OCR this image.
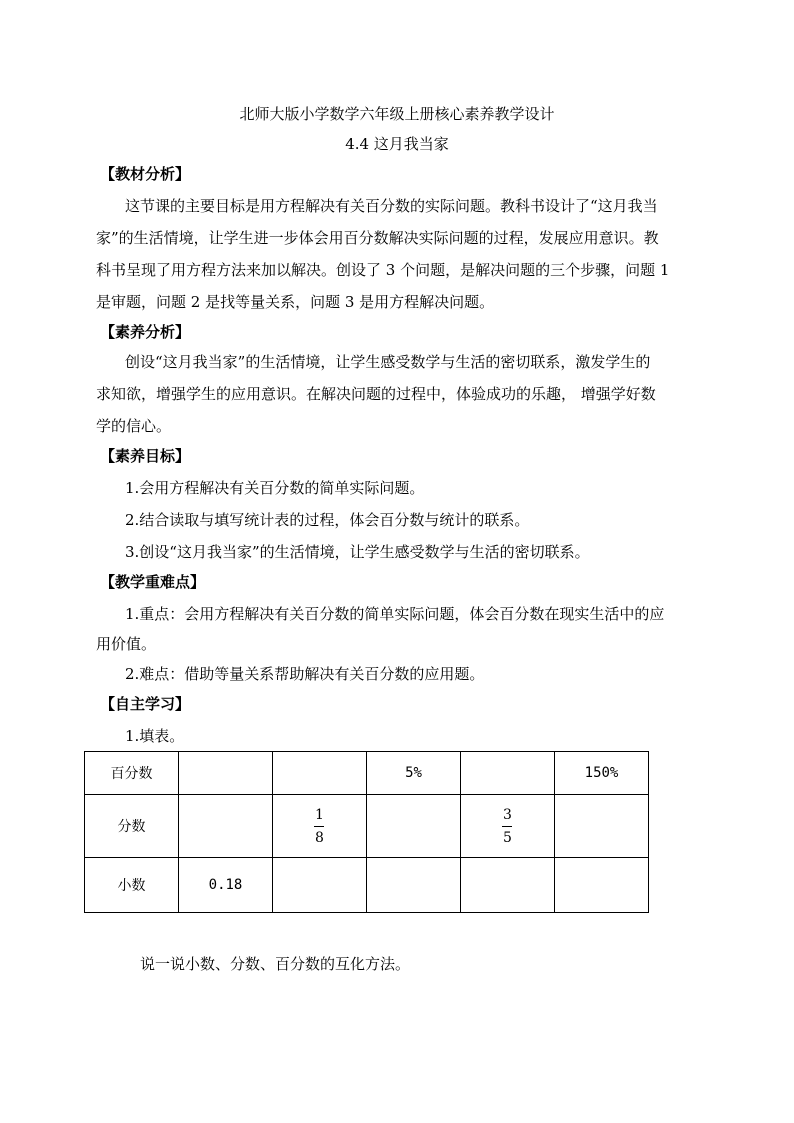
北师大版小学数学六年级上册核心素养教学设计
4.4 这月我当家
【教材分析】
这节课的主要目标是用方程解决有关百分数的实际问题。教科书设计了“这月我当
家”的生活情境，让学生进一步体会用百分数解决实际问题的过程，发展应用意识。教
科书呈现了用方程方法来加以解决。创设了 3 个问题，是解决问题的三个步骤，问题 1
是审题，问题 2 是找等量关系，问题 3 是用方程解决问题。
【素养分析】
创设“这月我当家”的生活情境，让学生感受数学与生活的密切联系，激发学生的
求知欲，增强学生的应用意识。在解决问题的过程中，体验成功的乐趣， 增强学好数
学的信心。
【素养目标】
1.会用方程解决有关百分数的简单实际问题。
2.结合读取与填写统计表的过程，体会百分数与统计的联系。
3.创设“这月我当家”的生活情境，让学生感受数学与生活的密切联系。
【教学重难点】
1.重点：会用方程解决有关百分数的简单实际问题，体会百分数在现实生活中的应
用价值。
2.难点：借助等量关系帮助解决有关百分数的应用题。
【自主学习】
1.填表。
百分数			5%		150%
分数		$\frac{1}{8}$		$\frac{3}{5}$

小数	0.18				
说一说小数、分数、百分数的互化方法。
